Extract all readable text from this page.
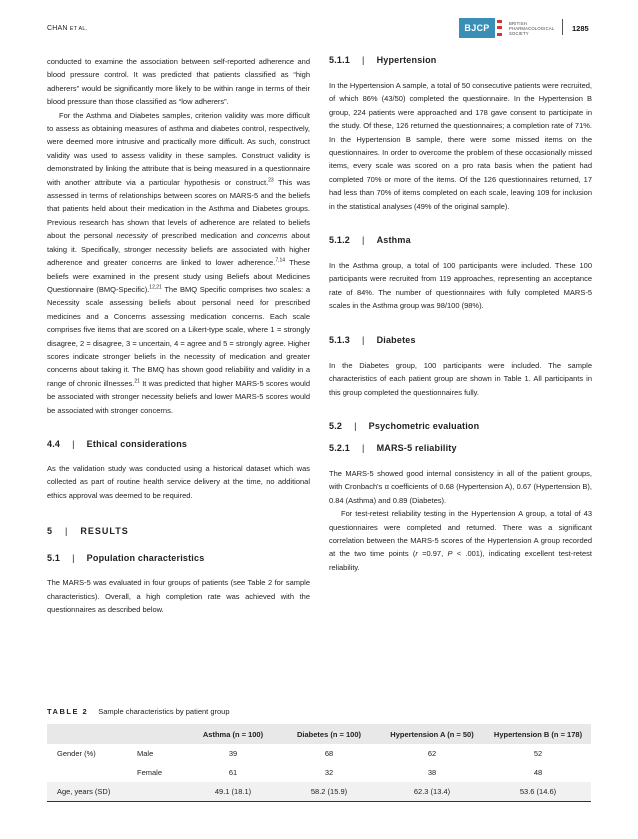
CHAN ET AL.	BJCP	BRITISH
PHARMACOLOGICAL
SOCIETY	1285

conducted to examine the association between self-reported adherence and blood pressure control. It was predicted that patients classified as “high adherers” would be significantly more likely to be within range in terms of their blood pressure than those classified as “low adherers”.

For the Asthma and Diabetes samples, criterion validity was more difficult to assess as obtaining measures of asthma and diabetes control, respectively, were deemed more intrusive and practically more difficult. As such, construct validity was used to assess validity in these samples. Construct validity is demonstrated by linking the attribute that is being measured in a questionnaire with another attribute via a particular hypothesis or construct.$^{23}$ This was assessed in terms of relationships between scores on MARS-5 and the beliefs that patients held about their medication in the Asthma and Diabetes groups. Previous research has shown that levels of adherence are related to beliefs about the personal necessity of prescribed medication and concerns about taking it. Specifically, stronger necessity beliefs are associated with higher adherence and greater concerns are linked to lower adherence.$^{7,14}$ These beliefs were examined in the present study using Beliefs about Medicines Questionnaire (BMQ-Specific).$^{12,21}$ The BMQ Specific comprises two scales: a Necessity scale assessing beliefs about personal need for prescribed medicines and a Concerns assessing medication concerns. Each scale comprises five items that are scored on a Likert-type scale, where 1 = strongly disagree, 2 = disagree, 3 = uncertain, 4 = agree and 5 = strongly agree. Higher scores indicate stronger beliefs in the necessity of medication and greater concerns about taking it. The BMQ has shown good reliability and validity in a range of chronic illnesses.$^{21}$ It was predicted that higher MARS-5 scores would be associated with stronger necessity beliefs and lower MARS-5 scores would be associated with stronger concerns.

4.4 | Ethical considerations

As the validation study was conducted using a historical dataset which was collected as part of routine health service delivery at the time, no additional ethics approval was deemed to be required.

5 | RESULTS
5.1 | Population characteristics

The MARS-5 was evaluated in four groups of patients (see Table 2 for sample characteristics). Overall, a high completion rate was achieved with the questionnaires as described below.

5.1.1 | Hypertension

In the Hypertension A sample, a total of 50 consecutive patients were recruited, of which 86% (43/50) completed the questionnaire. In the Hypertension B group, 224 patients were approached and 178 gave consent to participate in the study. Of these, 126 returned the questionnaires; a completion rate of 71%. In the Hypertension B sample, there were some missed items on the questionnaires. In order to overcome the problem of these occasionally missed items, every scale was scored on a pro rata basis when the patient had completed 70% or more of the items. Of the 126 questionnaires returned, 17 had less than 70% of items completed on each scale, leaving 109 for inclusion in the statistical analyses (49% of the original sample).

5.1.2 | Asthma

In the Asthma group, a total of 100 participants were included. These 100 participants were recruited from 119 approaches, representing an acceptance rate of 84%. The number of questionnaires with fully completed MARS-5 scales in the Asthma group was 98/100 (98%).

5.1.3 | Diabetes

In the Diabetes group, 100 participants were included. The sample characteristics of each patient group are shown in Table 1. All participants in this group completed the questionnaires fully.

5.2 | Psychometric evaluation
5.2.1 | MARS-5 reliability

The MARS-5 showed good internal consistency in all of the patient groups, with Cronbach's α coefficients of 0.68 (Hypertension A), 0.67 (Hypertension B), 0.84 (Asthma) and 0.89 (Diabetes).

For test-retest reliability testing in the Hypertension A group, a total of 43 questionnaires were completed and returned. There was a significant correlation between the MARS-5 scores of the Hypertension A group recorded at the two time points (r =0.97, P < .001), indicating excellent test-retest reliability.

TABLE 2 Sample characteristics by patient group
		Asthma (n = 100)	Diabetes (n = 100)	Hypertension A (n = 50)	Hypertension B (n = 178)
Gender (%)	Male	39	68	62	52
	Female	61	32	38	48
Age, years (SD)		49.1 (18.1)	58.2 (15.9)	62.3 (13.4)	53.6 (14.6)
